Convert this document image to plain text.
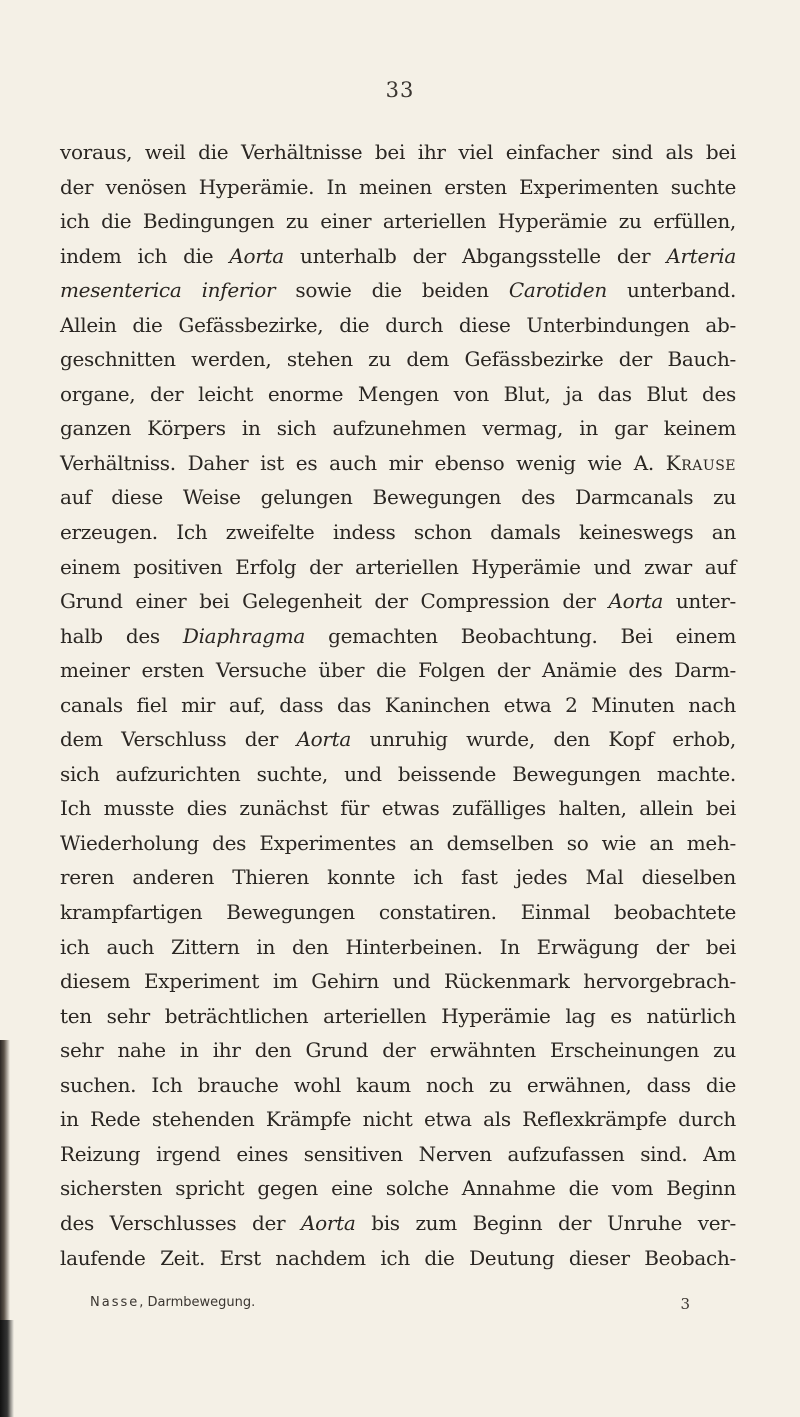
33
voraus, weil die Verhältnisse bei ihr viel einfacher sind als bei
der venösen Hyperämie. In meinen ersten Experimenten suchte
ich die Bedingungen zu einer arteriellen Hyperämie zu erfüllen,
indem ich die Aorta unterhalb der Abgangsstelle der Arteria
mesenterica inferior sowie die beiden Carotiden unterband.
Allein die Gefässbezirke, die durch diese Unterbindungen ab-
geschnitten werden, stehen zu dem Gefässbezirke der Bauch-
organe, der leicht enorme Mengen von Blut, ja das Blut des
ganzen Körpers in sich aufzunehmen vermag, in gar keinem
Verhältniss. Daher ist es auch mir ebenso wenig wie A. Krause
auf diese Weise gelungen Bewegungen des Darmcanals zu
erzeugen. Ich zweifelte indess schon damals keineswegs an
einem positiven Erfolg der arteriellen Hyperämie und zwar auf
Grund einer bei Gelegenheit der Compression der Aorta unter-
halb des Diaphragma gemachten Beobachtung. Bei einem
meiner ersten Versuche über die Folgen der Anämie des Darm-
canals fiel mir auf, dass das Kaninchen etwa 2 Minuten nach
dem Verschluss der Aorta unruhig wurde, den Kopf erhob,
sich aufzurichten suchte, und beissende Bewegungen machte.
Ich musste dies zunächst für etwas zufälliges halten, allein bei
Wiederholung des Experimentes an demselben so wie an meh-
reren anderen Thieren konnte ich fast jedes Mal dieselben
krampfartigen Bewegungen constatiren. Einmal beobachtete
ich auch Zittern in den Hinterbeinen. In Erwägung der bei
diesem Experiment im Gehirn und Rückenmark hervorgebrach-
ten sehr beträchtlichen arteriellen Hyperämie lag es natürlich
sehr nahe in ihr den Grund der erwähnten Erscheinungen zu
suchen. Ich brauche wohl kaum noch zu erwähnen, dass die
in Rede stehenden Krämpfe nicht etwa als Reflexkrämpfe durch
Reizung irgend eines sensitiven Nerven aufzufassen sind. Am
sichersten spricht gegen eine solche Annahme die vom Beginn
des Verschlusses der Aorta bis zum Beginn der Unruhe ver-
laufende Zeit. Erst nachdem ich die Deutung dieser Beobach-
Nasse, Darmbewegung.	3
